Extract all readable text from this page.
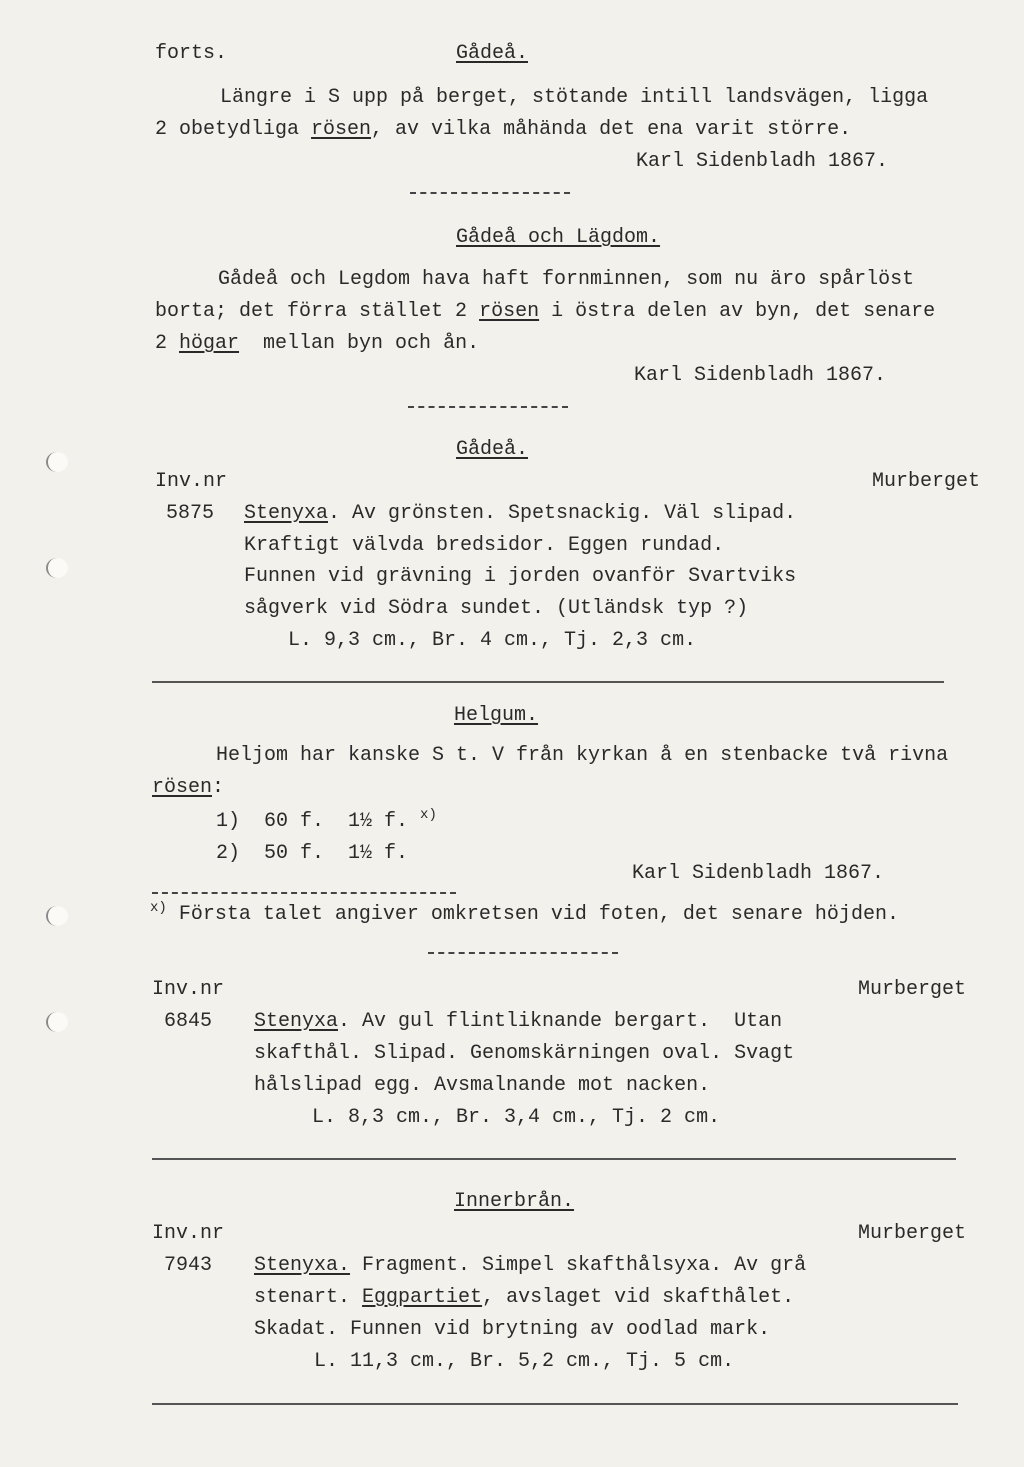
forts.	Gådeå.
Längre i S upp på berget, stötande intill landsvägen, ligga
2 obetydliga rösen, av vilka måhända det ena varit större.
Karl Sidenbladh 1867.
Gådeå och Lägdom.
Gådeå och Legdom hava haft fornminnen, som nu äro spårlöst
borta; det förra stället 2 rösen i östra delen av byn, det senare
2 högar  mellan byn och ån.
Karl Sidenbladh 1867.
Gådeå.
Inv.nr	Murberget
5875 Stenyxa. Av grönsten. Spetsnackig. Väl slipad.
Kraftigt välvda bredsidor. Eggen rundad.
Funnen vid grävning i jorden ovanför Svartviks
sågverk vid Södra sundet. (Utländsk typ ?)
L. 9,3 cm., Br. 4 cm., Tj. 2,3 cm.
Helgum.
Heljom har kanske S t. V från kyrkan å en stenbacke två rivna
rösen:
1)  60 f.  1½ f. $^{x)}$
2)  50 f.  1½ f.
Karl Sidenbladh 1867.
$^{x)}$ Första talet angiver omkretsen vid foten, det senare höjden.
Inv.nr	Murberget
6845 Stenyxa. Av gul flintliknande bergart.  Utan
skafthål. Slipad. Genomskärningen oval. Svagt
hålslipad egg. Avsmalnande mot nacken.
L. 8,3 cm., Br. 3,4 cm., Tj. 2 cm.
Innerbrån.
Inv.nr	Murberget
7943 Stenyxa. Fragment. Simpel skafthålsyxa. Av grå
stenart. Eggpartiet, avslaget vid skafthålet.
Skadat. Funnen vid brytning av oodlad mark.
L. 11,3 cm., Br. 5,2 cm., Tj. 5 cm.
